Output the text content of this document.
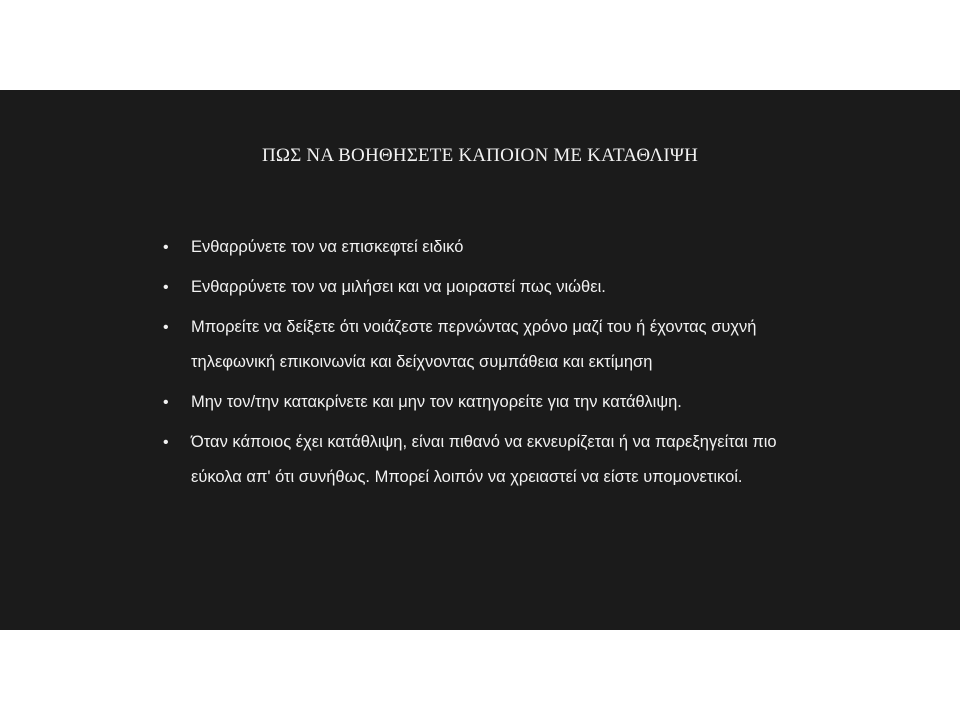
ΠΩΣ ΝΑ ΒΟΗΘΗΣΕΤΕ ΚΑΠΟΙΟΝ ΜΕ ΚΑΤΑΘΛΙΨΗ
• Ενθαρρύνετε τον να επισκεφτεί ειδικό
• Ενθαρρύνετε τον να μιλήσει και να μοιραστεί πως νιώθει.
• Μπορείτε να δείξετε ότι νοιάζεστε περνώντας χρόνο μαζί του ή έχοντας συχνή τηλεφωνική επικοινωνία και δείχνοντας συμπάθεια και εκτίμηση
• Μην τον/την κατακρίνετε και μην τον κατηγορείτε για την κατάθλιψη.
• Όταν κάποιος έχει κατάθλιψη, είναι πιθανό να εκνευρίζεται ή να παρεξηγείται πιο εύκολα απ' ότι συνήθως. Μπορεί λοιπόν να χρειαστεί να είστε υπομονετικοί.
